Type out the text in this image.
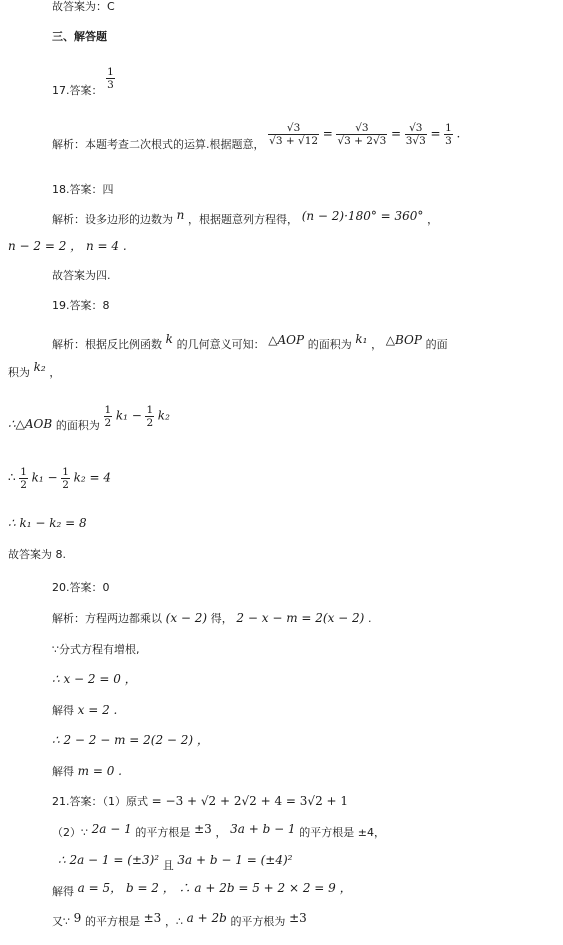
故答案为：C
三、解答题
17.答案： $\frac{1}{3}$
解析：本题考查二次根式的运算.根据题意， $\frac{√3}{√3 + √12} = \frac{√3}{√3 + 2√3} = \frac{√3}{3√3} = \frac{1}{3}$ .
18.答案：四
解析：设多边形的边数为 n ，根据题意列方程得， (n − 2)·180° = 360° ，
n − 2 = 2 ， n = 4 .
故答案为四.
19.答案：8
解析：根据反比例函数 k 的几何意义可知： △AOP 的面积为 k₁ ， △BOP 的面
积为 k₂ ，
∴△AOB 的面积为 $\frac{1}{2} k_1 - \frac{1}{2} k_2$
∴ $\frac{1}{2} k_1 - \frac{1}{2} k_2 = 4$
∴ k₁ − k₂ = 8
故答案为 8.
20.答案：0
解析：方程两边都乘以 (x − 2) 得， 2 − x − m = 2(x − 2) .
∵分式方程有增根,
∴ x − 2 = 0 ，
解得 x = 2 .
∴ 2 − 2 − m = 2(2 − 2) ，
解得 m = 0 .
21.答案：（1）原式 = −3 + √2 + 2√2 + 4 = 3√2 + 1
（2）∵ 2a − 1 的平方根是 ±3 ， 3a + b − 1 的平方根是 ±4，
∴ 2a − 1 = (±3)² 且 3a + b − 1 = (±4)²
解得 a = 5， b = 2 ， ∴ a + 2b = 5 + 2 × 2 = 9 ，
又∵ 9 的平方根是 ±3 ，∴ a + 2b 的平方根为 ±3
